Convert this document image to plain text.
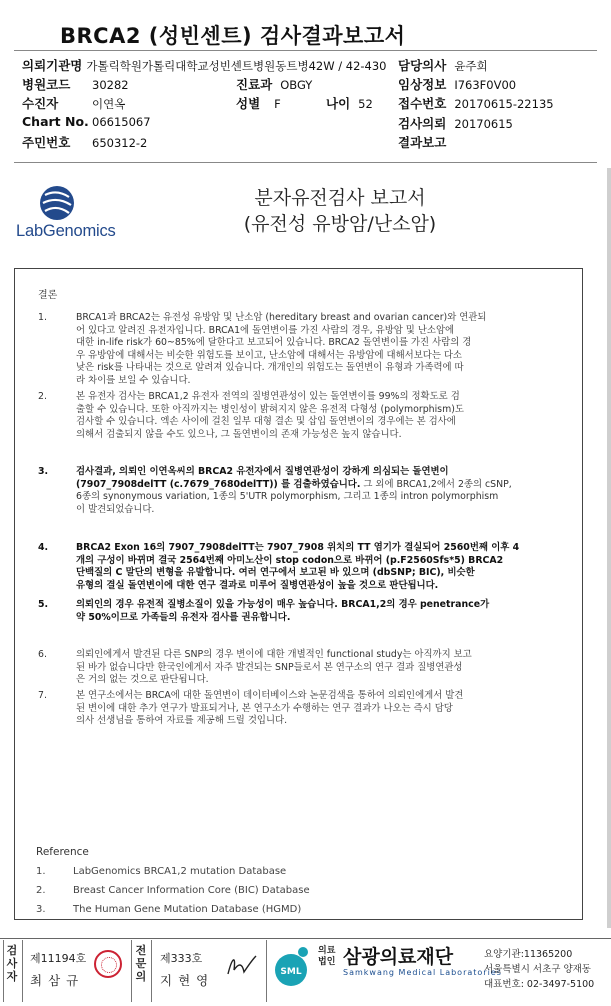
BRCA2 (성빈센트) 검사결과보고서
의뢰기관명 가톨릭학원가톨릭대학교성빈센트병원동트병42W / 42-430 담당의사 윤주희
병원코드 30282	진료과 OBGY	임상정보 I763F0V00
수진자	이연옥	성별 F	나이 52 접수번호 20170615-22135
Chart No. 06615067	검사의뢰 20170615
주민번호 650312-2	결과보고
LabGenomics
분자유전검사 보고서
(유전성 유방암/난소암)
결론
1.	BRCA1과 BRCA2는 유전성 유방암 및 난소암 (hereditary breast and ovarian cancer)와 연관되
어 있다고 알려진 유전자입니다. BRCA1에 돌연변이를 가진 사람의 경우, 유방암 및 난소암에
대한 in-life risk가 60~85%에 달한다고 보고되어 있습니다. BRCA2 돌연변이를 가진 사람의 경
우 유방암에 대해서는 비슷한 위험도를 보이고, 난소암에 대해서는 유방암에 대해서보다는 다소
낮은 risk를 나타내는 것으로 알려져 있습니다. 개개인의 위험도는 돌연변이 유형과 가족력에 따
라 차이를 보일 수 있습니다.
2.	본 유전자 검사는 BRCA1,2 유전자 전역의 질병연관성이 있는 돌연변이를 99%의 정확도로 검
출할 수 있습니다. 또한 아직까지는 병인성이 밝혀지지 않은 유전적 다형성 (polymorphism)도
검사할 수 있습니다. 엑손 사이에 걸친 일부 대형 결손 및 삽입 돌연변이의 경우에는 본 검사에
의해서 검출되지 않을 수도 있으나, 그 돌연변이의 존재 가능성은 높지 않습니다.
3.	검사결과, 의뢰인 이연옥씨의 BRCA2 유전자에서 질병연관성이 강하게 의심되는 돌연변이
(7907_7908delTT (c.7679_7680delTT)) 를 검출하였습니다. 그 외에 BRCA1,2에서 2종의 cSNP,
6종의 synonymous variation, 1종의 5'UTR polymorphism, 그리고 1종의 intron polymorphism
이 발견되었습니다.
4.	BRCA2 Exon 16의 7907_7908delTT는 7907_7908 위치의 TT 염기가 결실되어 2560번째 이후 4
개의 구성이 바뀌며 결국 2564번째 아미노산이 stop codon으로 바뀌어 (p.F2560Sfs*5) BRCA2
단백질의 C 말단의 변형을 유발합니다. 여러 연구에서 보고된 바 있으며 (dbSNP; BIC), 비슷한
유형의 결실 돌연변이에 대한 연구 결과로 미루어 질병연관성이 높을 것으로 판단됩니다.
5.	의뢰인의 경우 유전적 질병소질이 있을 가능성이 매우 높습니다. BRCA1,2의 경우 penetrance가
약 50%이므로 가족들의 유전자 검사를 권유합니다.
6.	의뢰인에게서 발견된 다른 SNP의 경우 변이에 대한 개별적인 functional study는 아직까지 보고
된 바가 없습니다만 한국인에게서 자주 발견되는 SNP들로서 본 연구소의 연구 결과 질병연관성
은 거의 없는 것으로 판단됩니다.
7.	본 연구소에서는 BRCA에 대한 돌연변이 데이터베이스와 논문검색을 통하여 의뢰인에게서 발견
된 변이에 대한 추가 연구가 발표되거나, 본 연구소가 수행하는 연구 결과가 나오는 즉시 담당
의사 선생님을 통하여 자료를 제공해 드릴 것입니다.
Reference
1.	LabGenomics BRCA1,2 mutation Database
2.	Breast Cancer Information Core (BIC) Database
3.	The Human Gene Mutation Database (HGMD)
검사자
제11194호
최삼규
전문의
제333호
지현영
SML
의료법인 삼광의료재단
Samkwang Medical Laboratories
요양기관:11365200
서울특별시 서초구 양재동
대표번호: 02-3497-5100
